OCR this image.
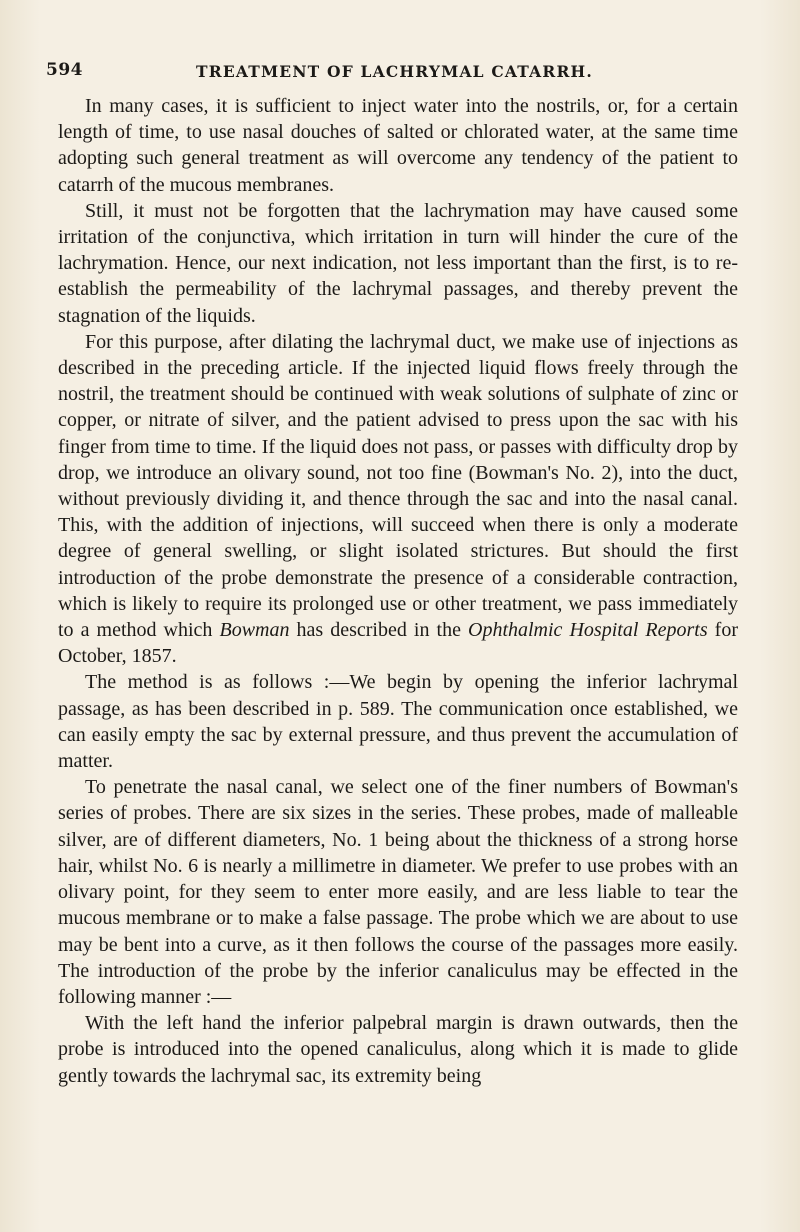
594	TREATMENT OF LACHRYMAL CATARRH.

In many cases, it is sufficient to inject water into the nostrils, or, for a certain length of time, to use nasal douches of salted or chlorated water, at the same time adopting such general treatment as will overcome any tendency of the patient to catarrh of the mucous membranes.

Still, it must not be forgotten that the lachrymation may have caused some irritation of the conjunctiva, which irritation in turn will hinder the cure of the lachrymation. Hence, our next indication, not less important than the first, is to re-establish the permeability of the lachrymal passages, and thereby prevent the stagnation of the liquids.

For this purpose, after dilating the lachrymal duct, we make use of injections as described in the preceding article. If the injected liquid flows freely through the nostril, the treatment should be continued with weak solutions of sulphate of zinc or copper, or nitrate of silver, and the patient advised to press upon the sac with his finger from time to time. If the liquid does not pass, or passes with difficulty drop by drop, we introduce an olivary sound, not too fine (Bowman's No. 2), into the duct, without previously dividing it, and thence through the sac and into the nasal canal. This, with the addition of injections, will succeed when there is only a moderate degree of general swelling, or slight isolated strictures. But should the first introduction of the probe demonstrate the presence of a considerable contraction, which is likely to require its prolonged use or other treatment, we pass immediately to a method which Bowman has described in the Ophthalmic Hospital Reports for October, 1857.

The method is as follows :—We begin by opening the inferior lachrymal passage, as has been described in p. 589. The communication once established, we can easily empty the sac by external pressure, and thus prevent the accumulation of matter.

To penetrate the nasal canal, we select one of the finer numbers of Bowman's series of probes. There are six sizes in the series. These probes, made of malleable silver, are of different diameters, No. 1 being about the thickness of a strong horse hair, whilst No. 6 is nearly a millimetre in diameter. We prefer to use probes with an olivary point, for they seem to enter more easily, and are less liable to tear the mucous membrane or to make a false passage. The probe which we are about to use may be bent into a curve, as it then follows the course of the passages more easily. The introduction of the probe by the inferior canaliculus may be effected in the following manner :—

With the left hand the inferior palpebral margin is drawn outwards, then the probe is introduced into the opened canaliculus, along which it is made to glide gently towards the lachrymal sac, its extremity being
